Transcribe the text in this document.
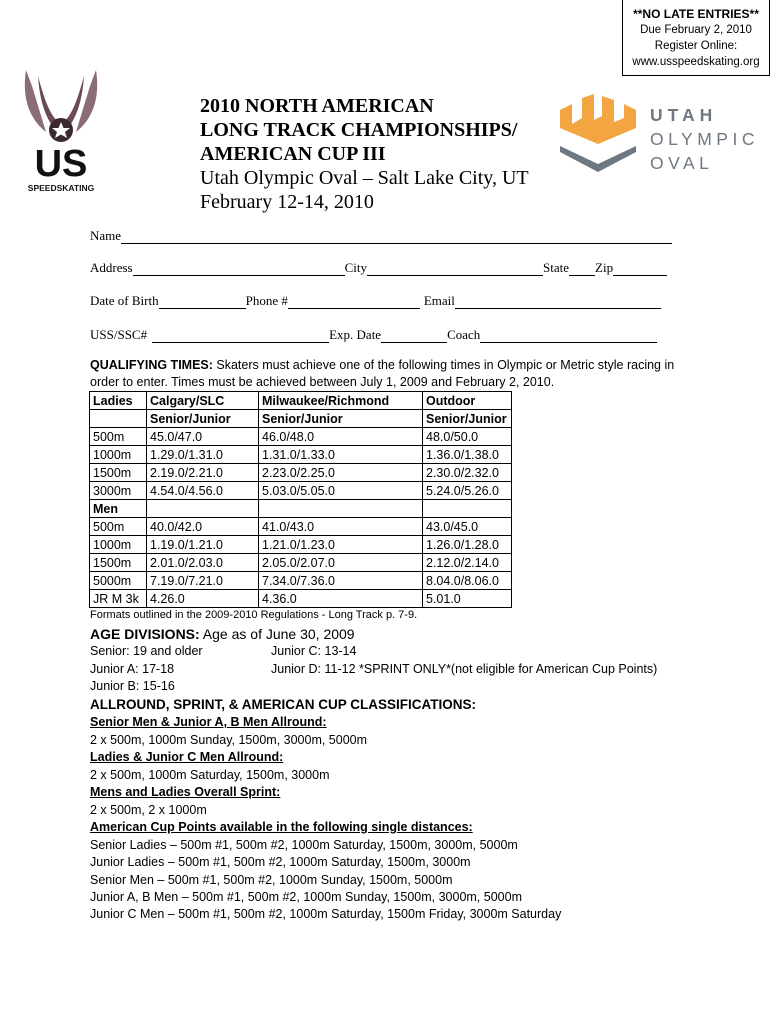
**NO LATE ENTRIES**
Due February 2, 2010
Register Online:
www.usspeedskating.org
US
SPEEDSKATING
2010 NORTH AMERICAN
LONG TRACK CHAMPIONSHIPS/
AMERICAN CUP III
Utah Olympic Oval – Salt Lake City, UT
February 12-14, 2010
UTAH
OLYMPIC
OVAL
Name
Address	City	State Zip
Date of Birth	Phone #	Email
USS/SSC#	Exp. Date	Coach
QUALIFYING TIMES: Skaters must achieve one of the following times in Olympic or Metric style racing in
order to enter. Times must be achieved between July 1, 2009 and February 2, 2010.
Ladies	Calgary/SLC	Milwaukee/Richmond	Outdoor
	Senior/Junior	Senior/Junior	Senior/Junior
500m	45.0/47.0	46.0/48.0	48.0/50.0
1000m	1.29.0/1.31.0	1.31.0/1.33.0	1.36.0/1.38.0
1500m	2.19.0/2.21.0	2.23.0/2.25.0	2.30.0/2.32.0
3000m	4.54.0/4.56.0	5.03.0/5.05.0	5.24.0/5.26.0
Men			
500m	40.0/42.0	41.0/43.0	43.0/45.0
1000m	1.19.0/1.21.0	1.21.0/1.23.0	1.26.0/1.28.0
1500m	2.01.0/2.03.0	2.05.0/2.07.0	2.12.0/2.14.0
5000m	7.19.0/7.21.0	7.34.0/7.36.0	8.04.0/8.06.0
JR M 3k	4.26.0	4.36.0	5.01.0
Formats outlined in the 2009-2010 Regulations - Long Track p. 7-9.
AGE DIVISIONS: Age as of June 30, 2009
Senior: 19 and older	Junior C: 13-14
Junior A: 17-18	Junior D: 11-12 *SPRINT ONLY*(not eligible for American Cup Points)
Junior B: 15-16
ALLROUND, SPRINT, & AMERICAN CUP CLASSIFICATIONS:
Senior Men & Junior A, B Men Allround:
2 x 500m, 1000m Sunday, 1500m, 3000m, 5000m
Ladies & Junior C Men Allround:
2 x 500m, 1000m Saturday, 1500m, 3000m
Mens and Ladies Overall Sprint:
2 x 500m, 2 x 1000m
American Cup Points available in the following single distances:
Senior Ladies – 500m #1, 500m #2, 1000m Saturday, 1500m, 3000m, 5000m
Junior Ladies – 500m #1, 500m #2, 1000m Saturday, 1500m, 3000m
Senior Men – 500m #1, 500m #2, 1000m Sunday, 1500m, 5000m
Junior A, B Men – 500m #1, 500m #2, 1000m Sunday, 1500m, 3000m, 5000m
Junior C Men – 500m #1, 500m #2, 1000m Saturday, 1500m Friday, 3000m Saturday
